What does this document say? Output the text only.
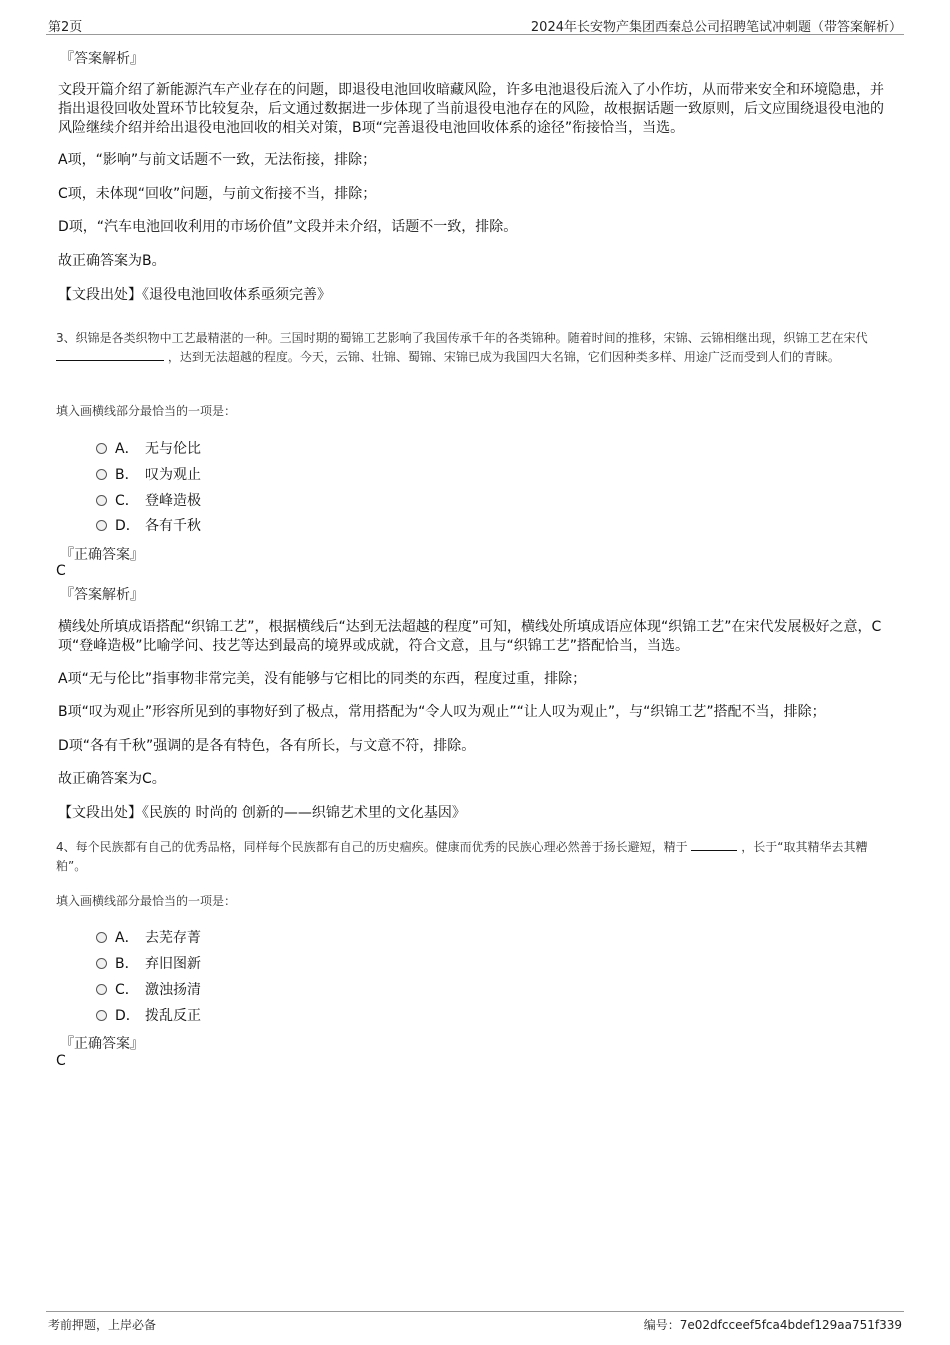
第2页	2024年长安物产集团西秦总公司招聘笔试冲刺题（带答案解析）
『答案解析』
文段开篇介绍了新能源汽车产业存在的问题，即退役电池回收暗藏风险，许多电池退役后流入了小作坊，从而带来安全和环境隐患，并指出退役回收处置环节比较复杂，后文通过数据进一步体现了当前退役电池存在的风险，故根据话题一致原则，后文应围绕退役电池的风险继续介绍并给出退役电池回收的相关对策，B项“完善退役电池回收体系的途径”衔接恰当，当选。
A项，“影响”与前文话题不一致，无法衔接，排除；
C项，未体现“回收”问题，与前文衔接不当，排除；
D项，“汽车电池回收利用的市场价值”文段并未介绍，话题不一致，排除。
故正确答案为B。
【文段出处】《退役电池回收体系亟须完善》
3、织锦是各类织物中工艺最精湛的一种。三国时期的蜀锦工艺影响了我国传承千年的各类锦种。随着时间的推移，宋锦、云锦相继出现，织锦工艺在宋代  ，达到无法超越的程度。今天，云锦、壮锦、蜀锦、宋锦已成为我国四大名锦，它们因种类多样、用途广泛而受到人们的青睐。
填入画横线部分最恰当的一项是：
A． 无与伦比
B． 叹为观止
C． 登峰造极
D． 各有千秋
『正确答案』
C
『答案解析』
横线处所填成语搭配“织锦工艺”，根据横线后“达到无法超越的程度”可知，横线处所填成语应体现“织锦工艺”在宋代发展极好之意，C项“登峰造极”比喻学问、技艺等达到最高的境界或成就，符合文意，且与“织锦工艺”搭配恰当，当选。
A项“无与伦比”指事物非常完美，没有能够与它相比的同类的东西，程度过重，排除；
B项“叹为观止”形容所见到的事物好到了极点，常用搭配为“令人叹为观止”“让人叹为观止”，与“织锦工艺”搭配不当，排除；
D项“各有千秋”强调的是各有特色，各有所长，与文意不符，排除。
故正确答案为C。
【文段出处】《民族的 时尚的 创新的——织锦艺术里的文化基因》
4、每个民族都有自己的优秀品格，同样每个民族都有自己的历史痼疾。健康而优秀的民族心理必然善于扬长避短，精于	，长于“取其精华去其糟粕”。
填入画横线部分最恰当的一项是：
A． 去芜存菁
B． 弃旧图新
C． 激浊扬清
D． 拨乱反正
『正确答案』
C
考前押题，上岸必备	编号：7e02dfcceef5fca4bdef129aa751f339
